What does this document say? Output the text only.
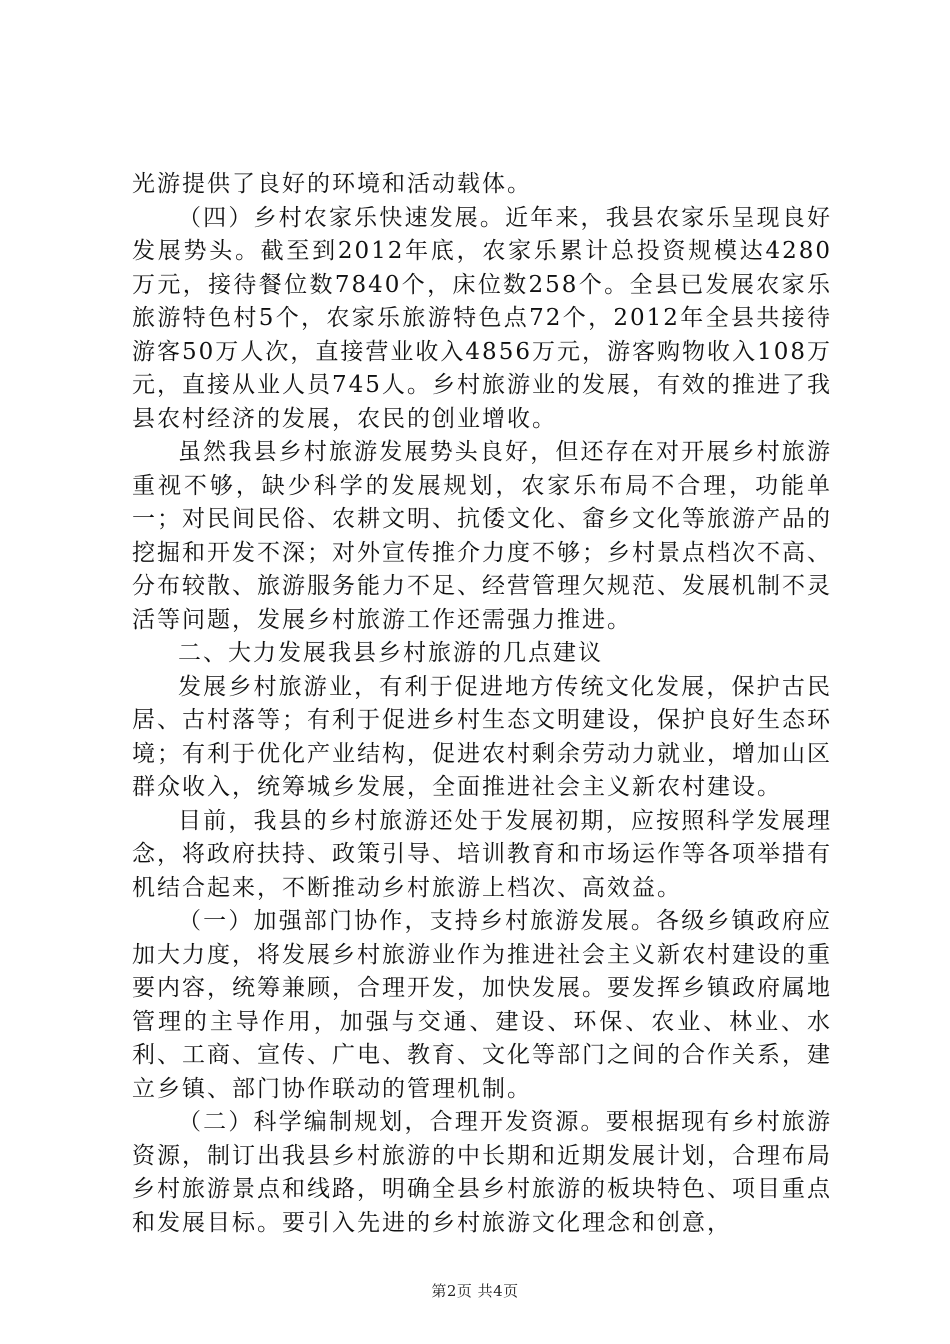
光游提供了良好的环境和活动载体。

（四）乡村农家乐快速发展。近年来，我县农家乐呈现良好发展势头。截至到2012年底，农家乐累计总投资规模达4280万元，接待餐位数7840个，床位数258个。全县已发展农家乐旅游特色村5个，农家乐旅游特色点72个，2012年全县共接待游客50万人次，直接营业收入4856万元，游客购物收入108万元，直接从业人员745人。乡村旅游业的发展，有效的推进了我县农村经济的发展，农民的创业增收。

虽然我县乡村旅游发展势头良好，但还存在对开展乡村旅游重视不够，缺少科学的发展规划，农家乐布局不合理，功能单一；对民间民俗、农耕文明、抗倭文化、畲乡文化等旅游产品的挖掘和开发不深；对外宣传推介力度不够；乡村景点档次不高、分布较散、旅游服务能力不足、经营管理欠规范、发展机制不灵活等问题，发展乡村旅游工作还需强力推进。

二、大力发展我县乡村旅游的几点建议

发展乡村旅游业，有利于促进地方传统文化发展，保护古民居、古村落等；有利于促进乡村生态文明建设，保护良好生态环境；有利于优化产业结构，促进农村剩余劳动力就业，增加山区群众收入，统筹城乡发展，全面推进社会主义新农村建设。

目前，我县的乡村旅游还处于发展初期，应按照科学发展理念，将政府扶持、政策引导、培训教育和市场运作等各项举措有机结合起来，不断推动乡村旅游上档次、高效益。

（一）加强部门协作，支持乡村旅游发展。各级乡镇政府应加大力度，将发展乡村旅游业作为推进社会主义新农村建设的重要内容，统筹兼顾，合理开发，加快发展。要发挥乡镇政府属地管理的主导作用，加强与交通、建设、环保、农业、林业、水利、工商、宣传、广电、教育、文化等部门之间的合作关系，建立乡镇、部门协作联动的管理机制。

（二）科学编制规划，合理开发资源。要根据现有乡村旅游资源，制订出我县乡村旅游的中长期和近期发展计划，合理布局乡村旅游景点和线路，明确全县乡村旅游的板块特色、项目重点和发展目标。要引入先进的乡村旅游文化理念和创意，

第2页 共4页
